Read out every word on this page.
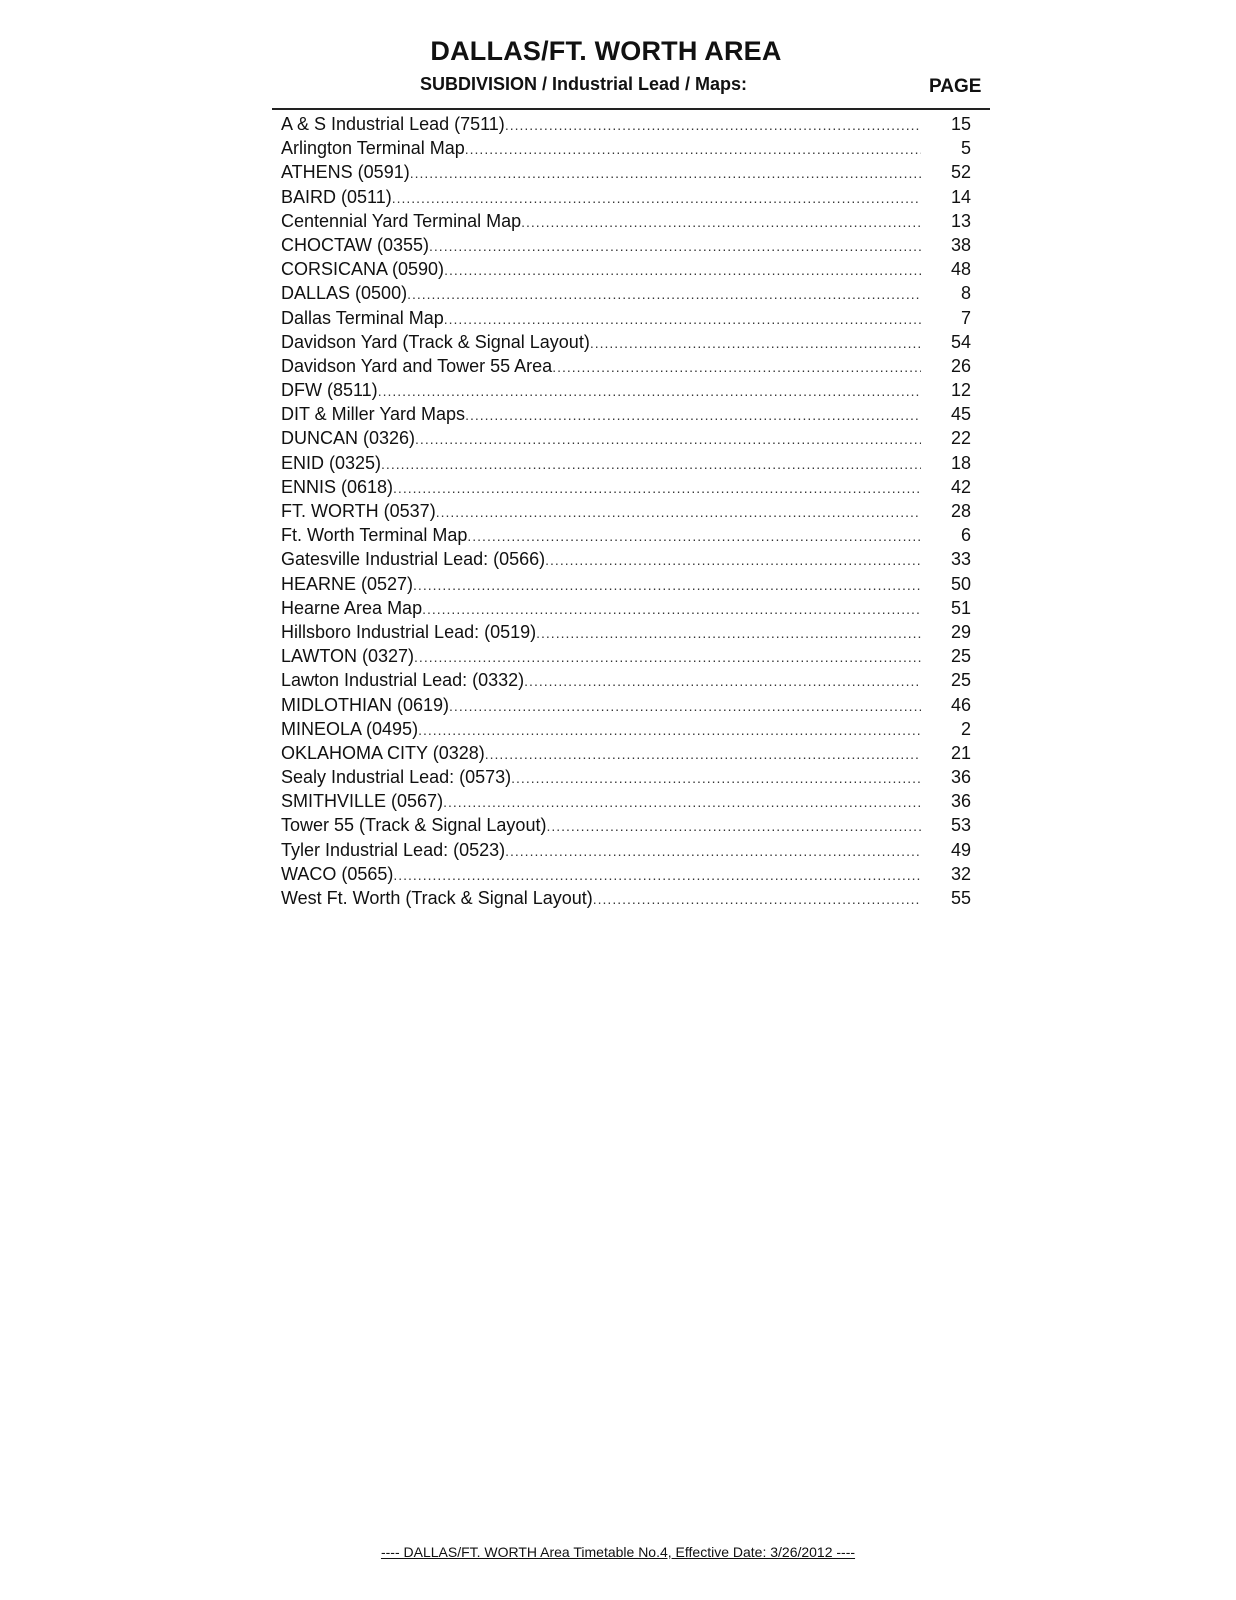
DALLAS/FT. WORTH AREA
SUBDIVISION / Industrial Lead / Maps:	PAGE
A & S Industrial Lead (7511) .....	15
Arlington Terminal Map .....	5
ATHENS (0591) .....	52
BAIRD (0511) .....	14
Centennial Yard Terminal Map .....	13
CHOCTAW (0355) .....	38
CORSICANA (0590) .....	48
DALLAS (0500) .....	8
Dallas Terminal Map .....	7
Davidson Yard (Track & Signal Layout) .....	54
Davidson Yard and Tower 55 Area .....	26
DFW (8511) .....	12
DIT & Miller Yard Maps .....	45
DUNCAN (0326) .....	22
ENID (0325) .....	18
ENNIS (0618) .....	42
FT. WORTH (0537) .....	28
Ft. Worth Terminal Map .....	6
Gatesville Industrial Lead: (0566) .....	33
HEARNE (0527) .....	50
Hearne Area Map .....	51
Hillsboro Industrial Lead: (0519) .....	29
LAWTON (0327) .....	25
Lawton Industrial Lead: (0332) .....	25
MIDLOTHIAN (0619) .....	46
MINEOLA (0495) .....	2
OKLAHOMA CITY (0328) .....	21
Sealy Industrial Lead: (0573) .....	36
SMITHVILLE (0567) .....	36
Tower 55 (Track & Signal Layout) .....	53
Tyler Industrial Lead: (0523) .....	49
WACO (0565) .....	32
West Ft. Worth (Track & Signal Layout) .....	55
---- DALLAS/FT. WORTH Area Timetable No.4, Effective Date: 3/26/2012 ----
